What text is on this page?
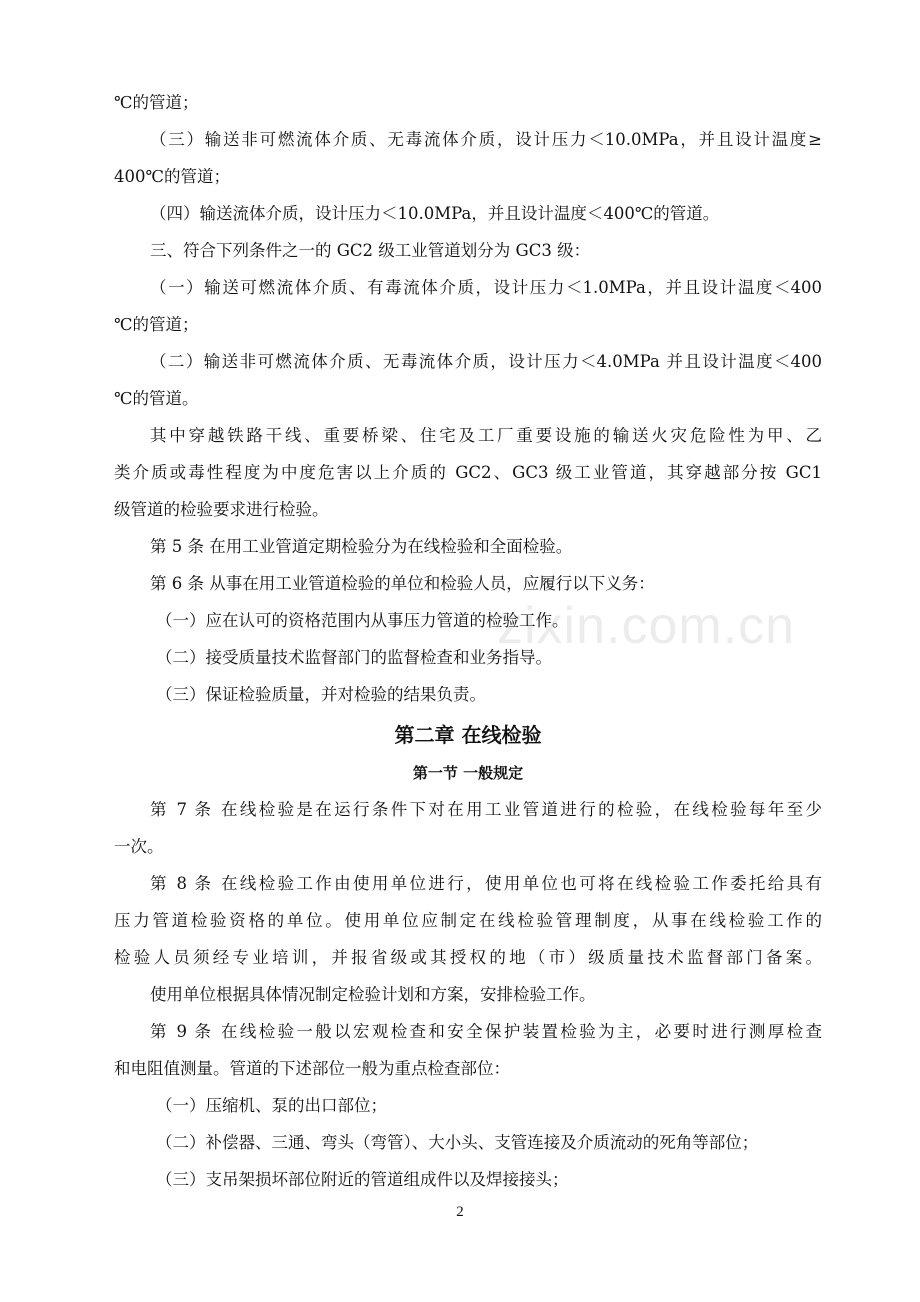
℃的管道；
（三）输送非可燃流体介质、无毒流体介质，设计压力＜10.0MPa，并且设计温度≥
400℃的管道；
（四）输送流体介质，设计压力＜10.0MPa，并且设计温度＜400℃的管道。
三、符合下列条件之一的 GC2 级工业管道划分为 GC3 级：
（一）输送可燃流体介质、有毒流体介质，设计压力＜1.0MPa，并且设计温度＜400
℃的管道；
（二）输送非可燃流体介质、无毒流体介质，设计压力＜4.0MPa 并且设计温度＜400
℃的管道。
其中穿越铁路干线、重要桥梁、住宅及工厂重要设施的输送火灾危险性为甲、乙
类介质或毒性程度为中度危害以上介质的 GC2、GC3 级工业管道，其穿越部分按 GC1
级管道的检验要求进行检验。
第 5 条 在用工业管道定期检验分为在线检验和全面检验。
第 6 条 从事在用工业管道检验的单位和检验人员，应履行以下义务：
（一）应在认可的资格范围内从事压力管道的检验工作。
（二）接受质量技术监督部门的监督检查和业务指导。
（三）保证检验质量，并对检验的结果负责。
第二章 在线检验
第一节 一般规定
第 7 条 在线检验是在运行条件下对在用工业管道进行的检验，在线检验每年至少
一次。
第 8 条 在线检验工作由使用单位进行，使用单位也可将在线检验工作委托给具有
压力管道检验资格的单位。使用单位应制定在线检验管理制度，从事在线检验工作的
检验人员须经专业培训，并报省级或其授权的地（市）级质量技术监督部门备案。
使用单位根据具体情况制定检验计划和方案，安排检验工作。
第 9 条 在线检验一般以宏观检查和安全保护装置检验为主，必要时进行测厚检查
和电阻值测量。管道的下述部位一般为重点检查部位：
（一）压缩机、泵的出口部位；
（二）补偿器、三通、弯头（弯管）、大小头、支管连接及介质流动的死角等部位；
（三）支吊架损坏部位附近的管道组成件以及焊接接头；
zixin.com.cn
2
